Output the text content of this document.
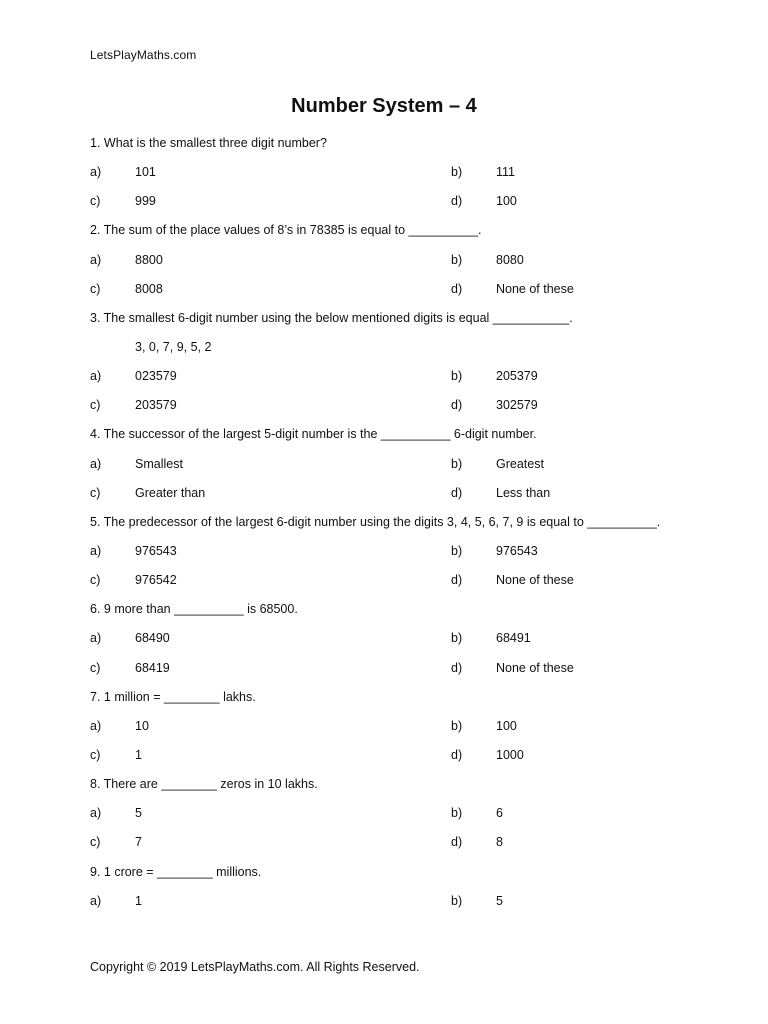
LetsPlayMaths.com
Number System – 4
1. What is the smallest three digit number?
a)	101	b)	111
c)	999	d)	100
2. The sum of the place values of 8’s in 78385 is equal to __________.
a)	8800	b)	8080
c)	8008	d)	None of these
3. The smallest 6-digit number using the below mentioned digits is equal ___________.
3, 0, 7, 9, 5, 2
a)	023579	b)	205379
c)	203579	d)	302579
4. The successor of the largest 5-digit number is the __________ 6-digit number.
a)	Smallest	b)	Greatest
c)	Greater than	d)	Less than
5. The predecessor of the largest 6-digit number using the digits 3, 4, 5, 6, 7, 9 is equal to __________.
a)	976543	b)	976543
c)	976542	d)	None of these
6. 9 more than __________ is 68500.
a)	68490	b)	68491
c)	68419	d)	None of these
7. 1 million = ________ lakhs.
a)	10	b)	100
c)	1	d)	1000
8. There are ________ zeros in 10 lakhs.
a)	5	b)	6
c)	7	d)	8
9. 1 crore = ________ millions.
a)	1	b)	5
Copyright © 2019 LetsPlayMaths.com. All Rights Reserved.
